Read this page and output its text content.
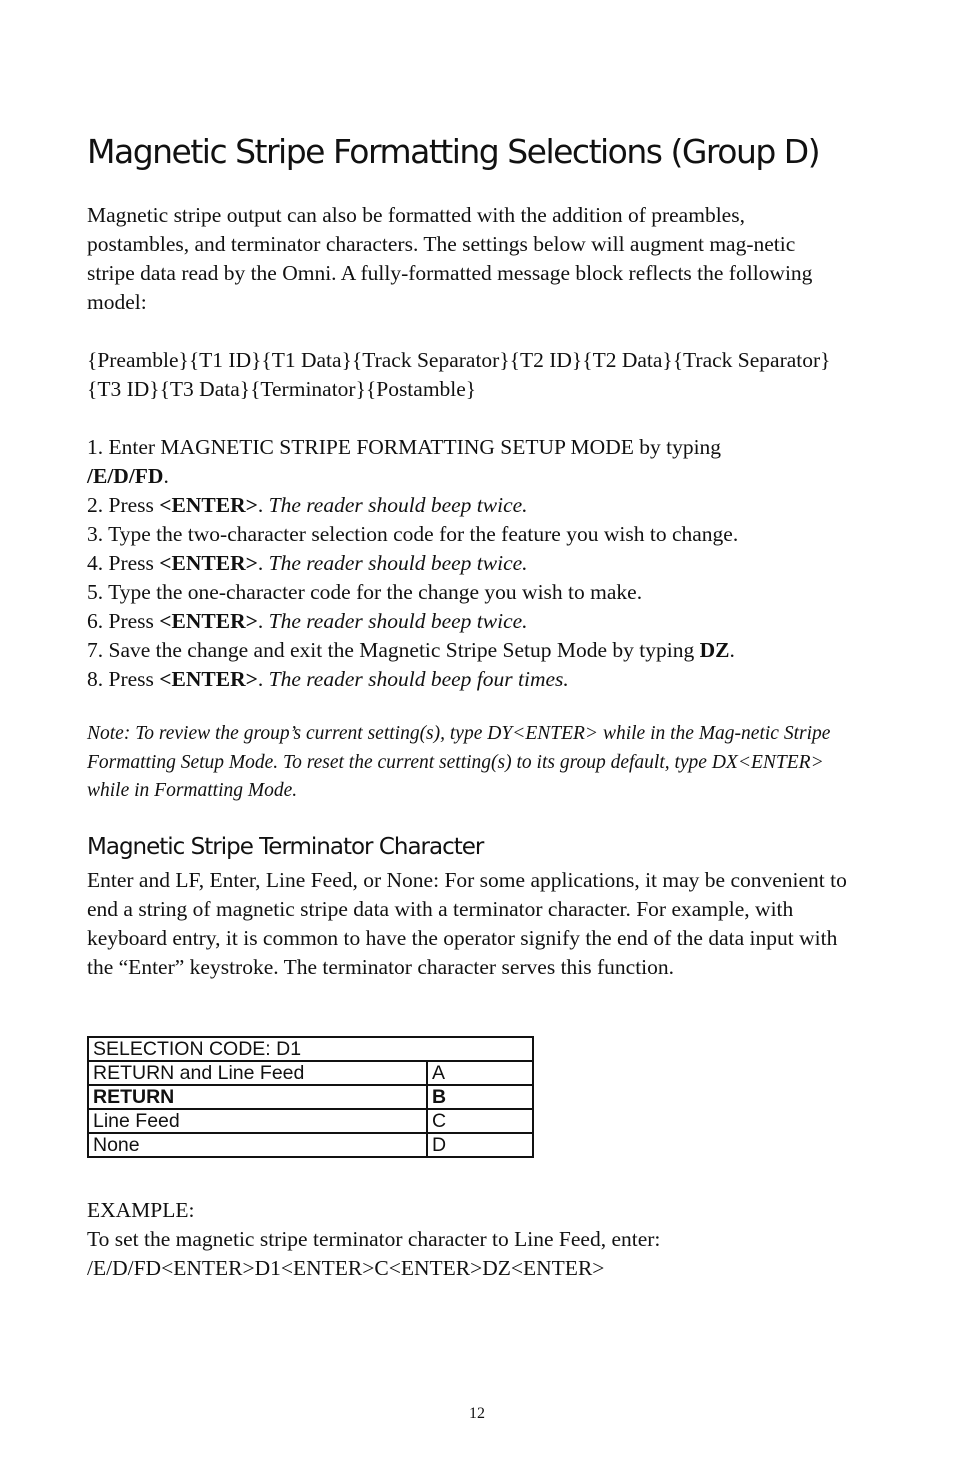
Magnetic Stripe Formatting Selections (Group D)

Magnetic stripe output can also be formatted with the addition of preambles, postambles, and terminator characters. The settings below will augment mag-netic stripe data read by the Omni. A fully-formatted message block reflects the following model:

{Preamble}{T1 ID}{T1 Data}{Track Separator}{T2 ID}{T2 Data}{Track Separator}{T3 ID}{T3 Data}{Terminator}{Postamble}

1. Enter MAGNETIC STRIPE FORMATTING SETUP MODE by typing
/E/D/FD.
2. Press <ENTER>. The reader should beep twice.
3. Type the two-character selection code for the feature you wish to change.
4. Press <ENTER>. The reader should beep twice.
5. Type the one-character code for the change you wish to make.
6. Press <ENTER>. The reader should beep twice.
7. Save the change and exit the Magnetic Stripe Setup Mode by typing DZ.
8. Press <ENTER>. The reader should beep four times.

Note: To review the group’s current setting(s), type DY<ENTER> while in the Mag-netic Stripe Formatting Setup Mode. To reset the current setting(s) to its group default, type DX<ENTER> while in Formatting Mode.

Magnetic Stripe Terminator Character

Enter and LF, Enter, Line Feed, or None: For some applications, it may be convenient to end a string of magnetic stripe data with a terminator character. For example, with keyboard entry, it is common to have the operator signify the end of the data input with the “Enter” keystroke. The terminator character serves this function.

SELECTION CODE: D1	
RETURN and Line Feed	A
RETURN	B
Line Feed	C
None	D
EXAMPLE:
To set the magnetic stripe terminator character to Line Feed, enter:
/E/D/FD<ENTER>D1<ENTER>C<ENTER>DZ<ENTER>
12
